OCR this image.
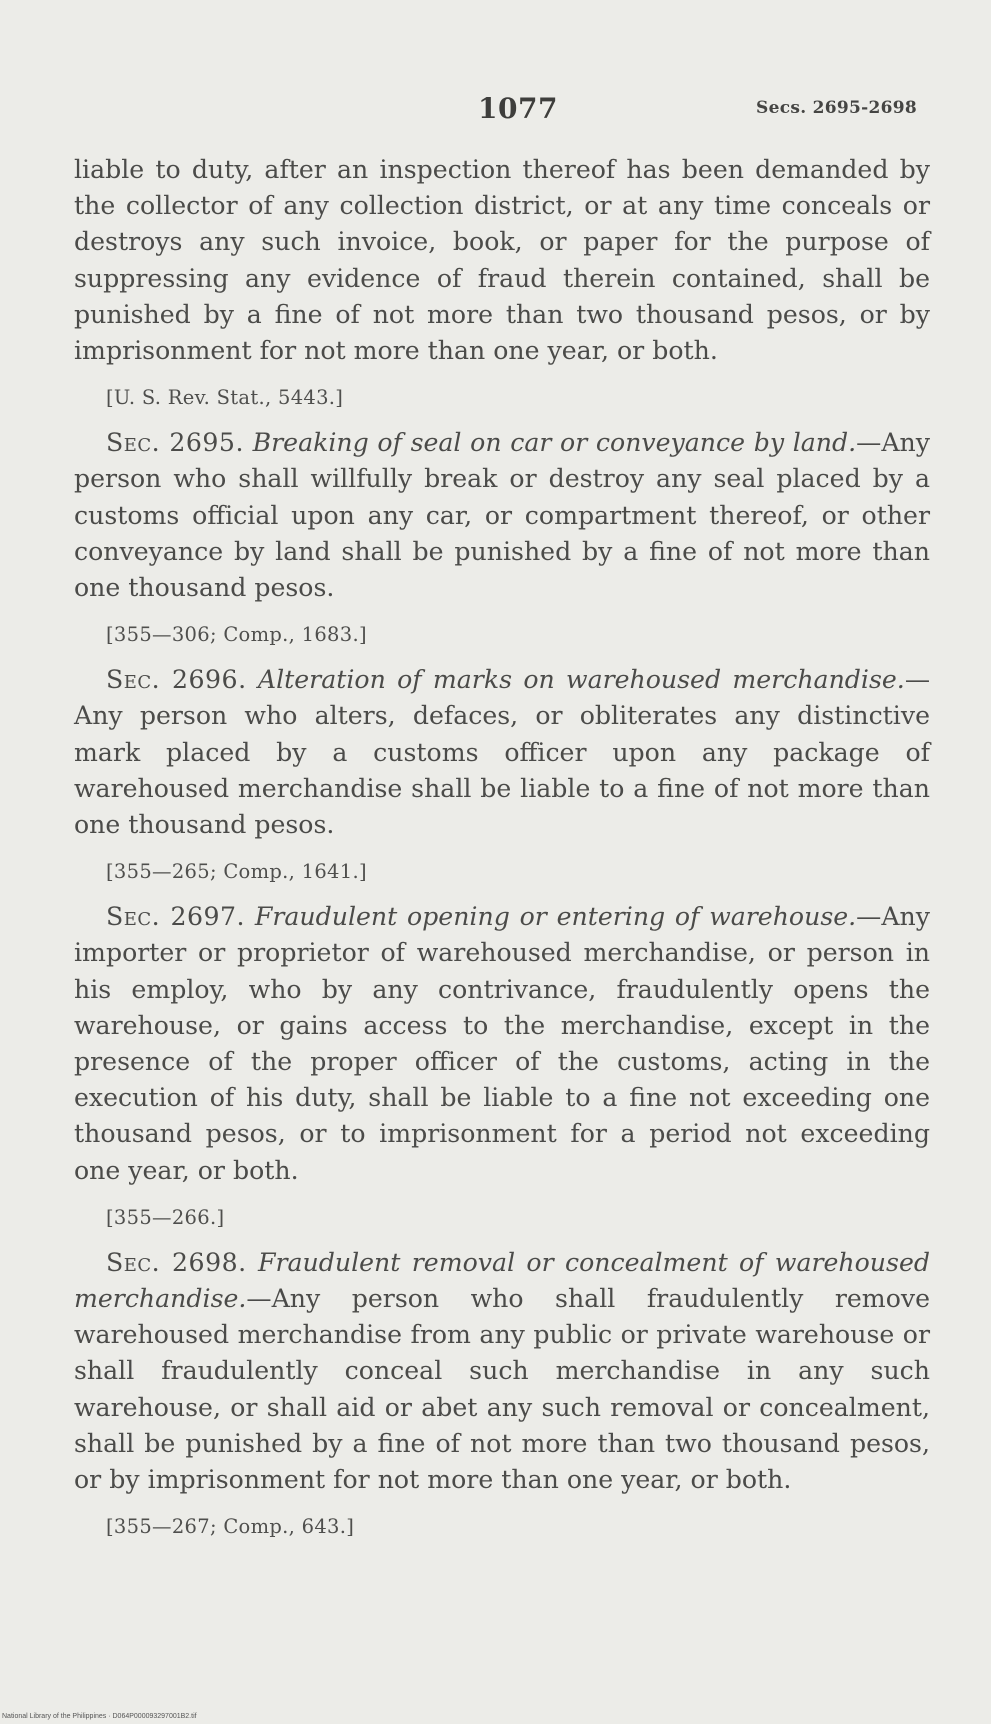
1077	Secs. 2695-2698

liable to duty, after an inspection thereof has been demanded by the collector of any collection district, or at any time conceals or destroys any such invoice, book, or paper for the purpose of suppressing any evidence of fraud therein contained, shall be punished by a fine of not more than two thousand pesos, or by imprisonment for not more than one year, or both.

[U. S. Rev. Stat., 5443.]

Sec. 2695. Breaking of seal on car or conveyance by land.—Any person who shall willfully break or destroy any seal placed by a customs official upon any car, or compartment thereof, or other conveyance by land shall be punished by a fine of not more than one thousand pesos.

[355—306; Comp., 1683.]

Sec. 2696. Alteration of marks on warehoused merchandise.—Any person who alters, defaces, or obliterates any distinctive mark placed by a customs officer upon any package of warehoused merchandise shall be liable to a fine of not more than one thousand pesos.

[355—265; Comp., 1641.]

Sec. 2697. Fraudulent opening or entering of warehouse.—Any importer or proprietor of warehoused merchandise, or person in his employ, who by any contrivance, fraudulently opens the warehouse, or gains access to the merchandise, except in the presence of the proper officer of the customs, acting in the execution of his duty, shall be liable to a fine not exceeding one thousand pesos, or to imprisonment for a period not exceeding one year, or both.

[355—266.]

Sec. 2698. Fraudulent removal or concealment of warehoused merchandise.—Any person who shall fraudulently remove warehoused merchandise from any public or private warehouse or shall fraudulently conceal such merchandise in any such warehouse, or shall aid or abet any such removal or concealment, shall be punished by a fine of not more than two thousand pesos, or by imprisonment for not more than one year, or both.

[355—267; Comp., 643.]
National Library of the Philippines · D064P000093297001B2.tif
